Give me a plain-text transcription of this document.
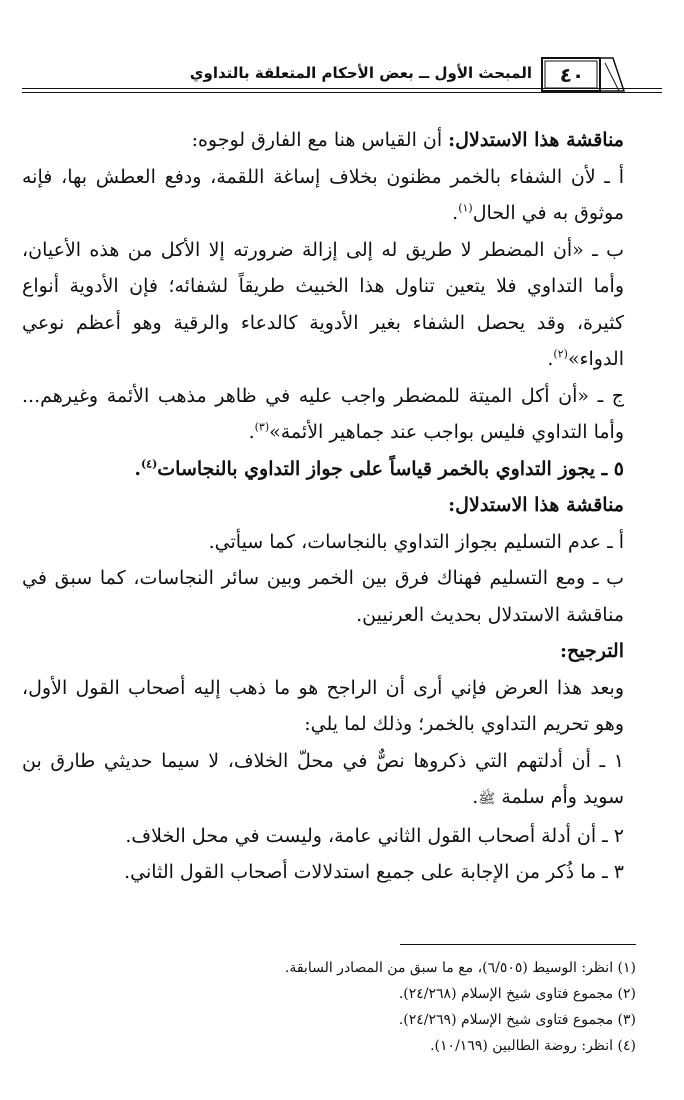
المبحث الأول ــ بعض الأحكام المتعلقة بالتداوي	٤٠

مناقشة هذا الاستدلال: أن القياس هنا مع الفارق لوجوه:

أ ـ لأن الشفاء بالخمر مظنون بخلاف إساغة اللقمة، ودفع العطش بها، فإنه موثوق به في الحال$^{(١)}$.

ب ـ «أن المضطر لا طريق له إلى إزالة ضرورته إلا الأكل من هذه الأعيان، وأما التداوي فلا يتعين تناول هذا الخبيث طريقاً لشفائه؛ فإن الأدوية أنواع كثيرة، وقد يحصل الشفاء بغير الأدوية كالدعاء والرقية وهو أعظم نوعي الدواء»$^{(٢)}$.

ج ـ «أن أكل الميتة للمضطر واجب عليه في ظاهر مذهب الأئمة وغيرهم... وأما التداوي فليس بواجب عند جماهير الأئمة»$^{(٣)}$.

٥ ـ يجوز التداوي بالخمر قياساً على جواز التداوي بالنجاسات$^{(٤)}$.

مناقشة هذا الاستدلال:

أ ـ عدم التسليم بجواز التداوي بالنجاسات، كما سيأتي.

ب ـ ومع التسليم فهناك فرق بين الخمر وبين سائر النجاسات، كما سبق في مناقشة الاستدلال بحديث العرنيين.

الترجيح:

وبعد هذا العرض فإني أرى أن الراجح هو ما ذهب إليه أصحاب القول الأول، وهو تحريم التداوي بالخمر؛ وذلك لما يلي:

١ ـ أن أدلتهم التي ذكروها نصٌّ في محلّ الخلاف، لا سيما حديثي طارق بن سويد وأم سلمة ﷺ.

٢ ـ أن أدلة أصحاب القول الثاني عامة، وليست في محل الخلاف.

٣ ـ ما ذُكر من الإجابة على جميع استدلالات أصحاب القول الثاني.

(١) انظر: الوسيط (٦/٥٠٥)، مع ما سبق من المصادر السابقة.

(٢) مجموع فتاوى شيخ الإسلام (٢٤/٢٦٨).

(٣) مجموع فتاوى شيخ الإسلام (٢٤/٢٦٩).

(٤) انظر: روضة الطالبين (١٠/١٦٩).
